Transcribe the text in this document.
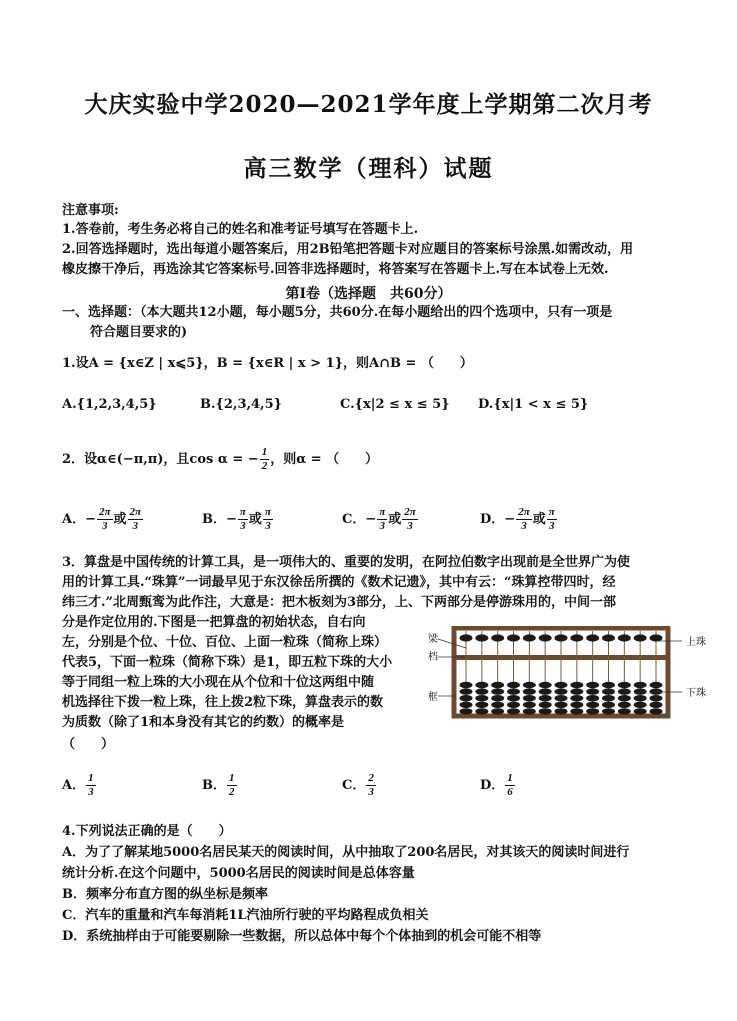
大庆实验中学2020—2021学年度上学期第二次月考
高三数学（理科）试题
注意事项:
1.答卷前，考生务必将自己的姓名和准考证号填写在答题卡上.
2.回答选择题时，选出每道小题答案后，用2B铅笔把答题卡对应题目的答案标号涂黑.如需改动，用
橡皮擦干净后，再选涂其它答案标号.回答非选择题时，将答案写在答题卡上.写在本试卷上无效.
第Ⅰ卷（选择题　共60分）
一、选择题：（本大题共12小题，每小题5分，共60分.在每小题给出的四个选项中，只有一项是
符合题目要求的)
1.设A = {x∈Z | x⩽5}，B = {x∈R | x > 1}，则A∩B = （　　）
A.{1,2,3,4,5}	B.{2,3,4,5}	C.{x|2 ≤ x ≤ 5} D.{x|1 < x ≤ 5}
2．设α∈(−π,π)，且cos α = − $\frac{1}{2}$ ，则α = （　　）
A．− $\frac{2\pi}{3}$ 或 $\frac{2\pi}{3}$	B．− $\frac{\pi}{3}$ 或 $\frac{\pi}{3}$	C．− $\frac{\pi}{3}$ 或 $\frac{2\pi}{3}$	D．− $\frac{2\pi}{3}$ 或 $\frac{\pi}{3}$
3．算盘是中国传统的计算工具，是一项伟大的、重要的发明，在阿拉伯数字出现前是全世界广为使
用的计算工具.“珠算”一词最早见于东汉徐岳所撰的《数术记遗》，其中有云：“珠算控带四时，经
纬三才.”北周甄鸾为此作注，大意是：把木板刻为3部分，上、下两部分是停游珠用的，中间一部
分是作定位用的.下图是一把算盘的初始状态，自右向
左，分别是个位、十位、百位、上面一粒珠（简称上珠）
代表5，下面一粒珠（简称下珠）是1，即五粒下珠的大小
等于同组一粒上珠的大小现在从个位和十位这两组中随
机选择往下拨一粒上珠，往上拨2粒下珠，算盘表示的数
为质数（除了1和本身没有其它的约数）的概率是
（　　）
梁
档
框
上珠
下珠
A． $\frac{1}{3}$	B． $\frac{1}{2}$	C． $\frac{2}{3}$	D． $\frac{1}{6}$
4.下列说法正确的是（　　）
A．为了了解某地5000名居民某天的阅读时间，从中抽取了200名居民，对其该天的阅读时间进行
统计分析.在这个问题中，5000名居民的阅读时间是总体容量
B．频率分布直方图的纵坐标是频率
C．汽车的重量和汽车每消耗1L汽油所行驶的平均路程成负相关
D．系统抽样由于可能要剔除一些数据，所以总体中每个个体抽到的机会可能不相等
